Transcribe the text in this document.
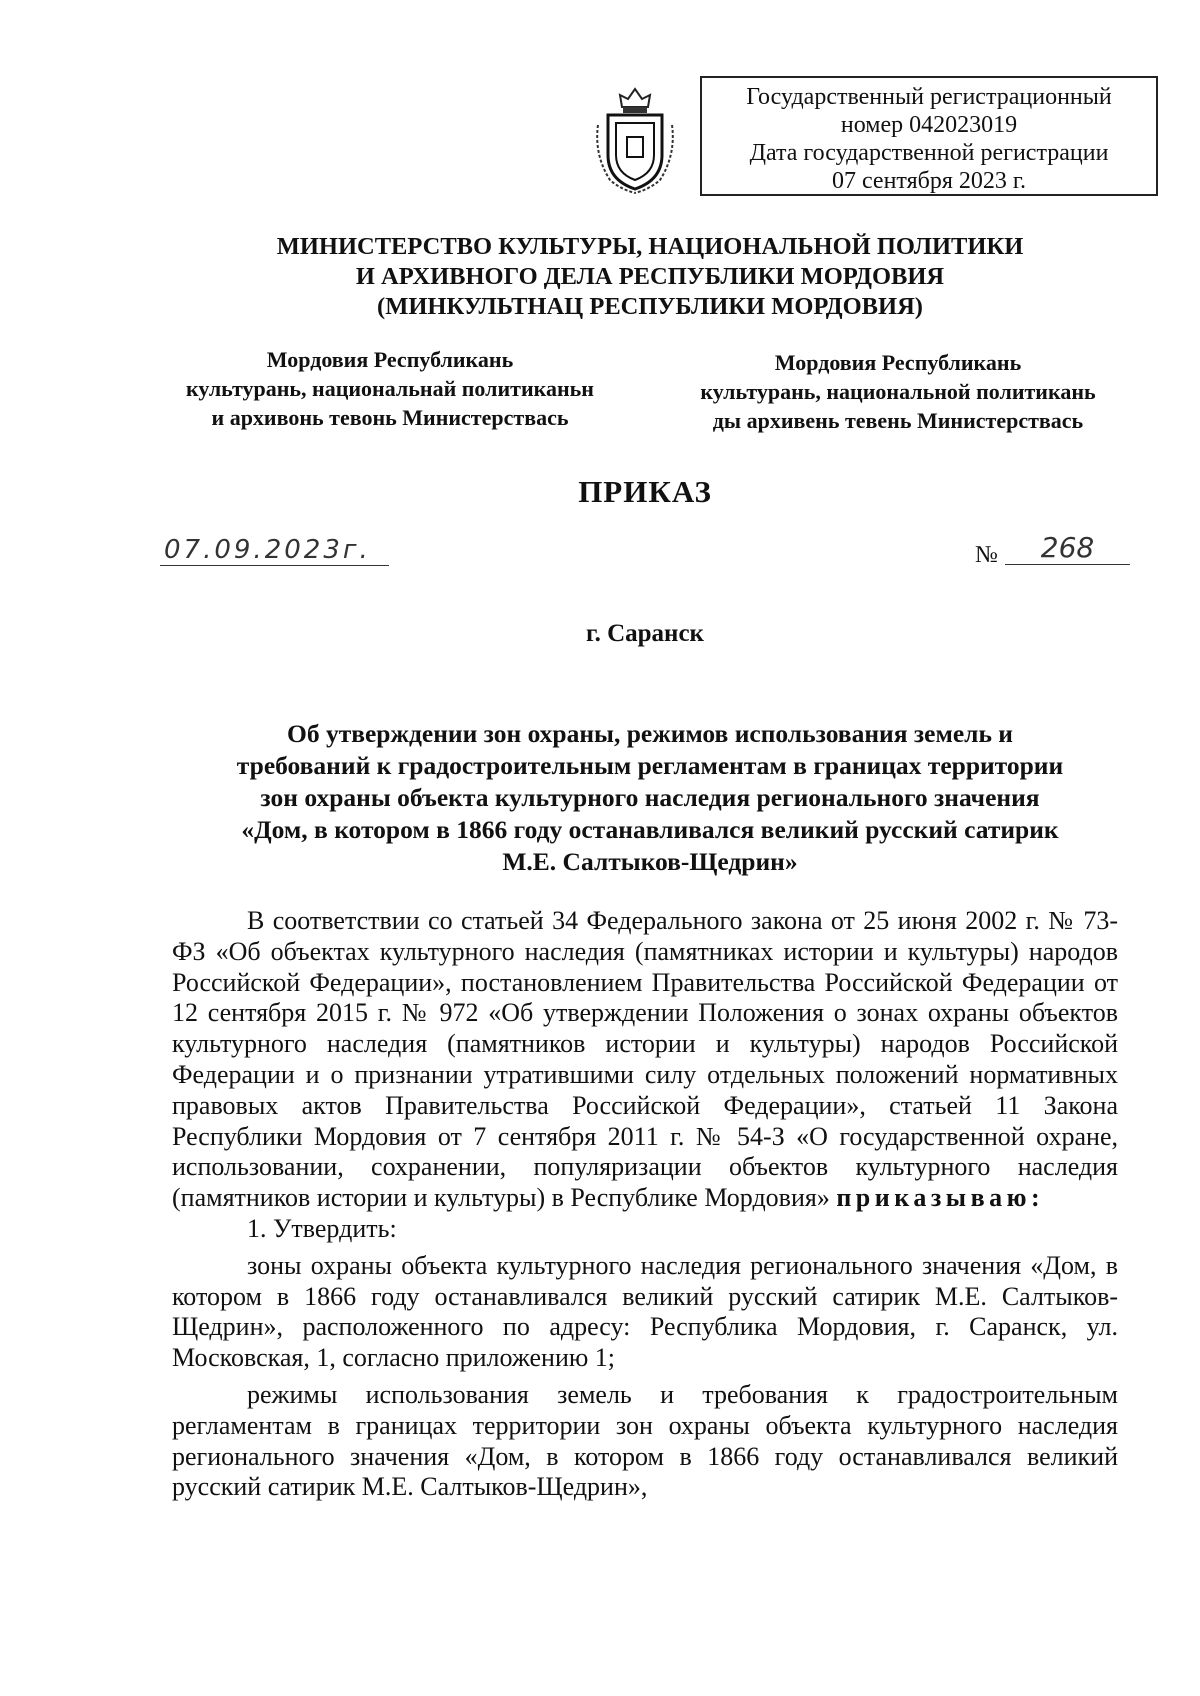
Государственный регистрационный
номер 042023019
Дата государственной регистрации
07 сентября 2023 г.
МИНИСТЕРСТВО КУЛЬТУРЫ, НАЦИОНАЛЬНОЙ ПОЛИТИКИ
И АРХИВНОГО ДЕЛА РЕСПУБЛИКИ МОРДОВИЯ
(МИНКУЛЬТНАЦ РЕСПУБЛИКИ МОРДОВИЯ)
Мордовия Республикань
культурань, национальнай политиканьн
и архивонь тевонь Министерствась
Мордовия Республикань
культурань, национальной политикань
ды архивень тевень Министерствась
ПРИКАЗ
07.09.2023г.	№	268
г. Саранск
Об утверждении зон охраны, режимов использования земель и
требований к градостроительным регламентам в границах территории
зон охраны объекта культурного наследия регионального значения
«Дом, в котором в 1866 году останавливался великий русский сатирик
М.Е. Салтыков-Щедрин»

В соответствии со статьей 34 Федерального закона от 25 июня 2002 г. № 73-ФЗ «Об объектах культурного наследия (памятниках истории и культуры) народов Российской Федерации», постановлением Правительства Российской Федерации от 12 сентября 2015 г. № 972 «Об утверждении Положения о зонах охраны объектов культурного наследия (памятников истории и культуры) народов Российской Федерации и о признании утратившими силу отдельных положений нормативных правовых актов Правительства Российской Федерации», статьей 11 Закона Республики Мордовия от 7 сентября 2011 г. № 54-З «О государственной охране, использовании, сохранении, популяризации объектов культурного наследия (памятников истории и культуры) в Республике Мордовия» приказываю:

1. Утвердить:

зоны охраны объекта культурного наследия регионального значения «Дом, в котором в 1866 году останавливался великий русский сатирик М.Е. Салтыков-Щедрин», расположенного по адресу: Республика Мордовия, г. Саранск, ул. Московская, 1, согласно приложению 1;

режимы использования земель и требования к градостроительным регламентам в границах территории зон охраны объекта культурного наследия регионального значения «Дом, в котором в 1866 году останавливался великий русский сатирик М.Е. Салтыков-Щедрин»,
